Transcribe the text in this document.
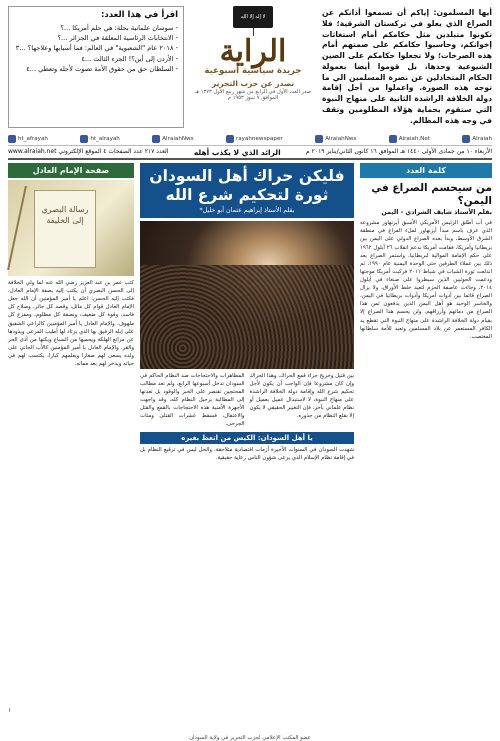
أيها المسلمون: إياكم أن تسمعوا أذانكم عن الصراع الذي يعلو في تركستان الشرقية؛ فلا تكونوا متبلدين مثل حكامكم أمام استغاثات إخوانكم، وحاسبوا حكامكم على صمتهم أمام هذه الصرخات؛ ولا تجعلوا حكامكم على الصين الشيوعية وحدها، بل قوموا أيضا بعمولة الحكام المتخاذلين عن نصرة المسلمين الي ما توجه هذه الصورة. واعملوا من أجل إقامة دولة الخلافة الراشدة الثانية على منهاج النبوة التي ستقوم بحماية هؤلاء المظلومين وتقف في وجه هذه المظالم.
لا إله إلا الله
الراية
جريدة سياسية أسبوعية
تصدر عن حزب التحرير
صدر العدد الأول في الرابع من شهر ربيع الأول ١٣٧٣ هـ الموافق ٧ تموز ١٩٥٣ م
اقرأ في هذا العدد:
- سوسان علمانية بحلة: هي حلم أمريكا ...؟
- الانتخابات الرئاسية المعلقة في الجزائر ...؟
- ٢٠١٨ عام "الشعبوية" في العالم: فما أسبابها وعلاجها؟ ...٣
- الأردن إلى أين؟! الجزء الثالث ...٤
- السلطان حق من حقوق الأمة تصوت لأجله وتعطي ...٤
ht_afrayah	ht_alrayah	AlraiahNws	rayahnewspaper	AlraiahNws	Alraiah.Net	Alraiah
الأربعاء ١٠ من جمادى الأولى ١٤٤٠ هـ الموافق ١٦ كانون الثاني/يناير ٢٠١٩ م
الرائد الذي لا يكذب أهله
العدد ٢١٧ عدد الصفحات ٤ الموقع الإلكتروني www.alraiah.net
كلمة العدد
من سيحسم الصراع في اليمن؟
بقلم الأستاذ شايف الشرادي - اليمن
في آب أطلق الرئيس الأمريكي الأسبق أيزنهاور مشروعه الذي عرف باسم مبدأ أيزنهاور لملء الفراغ في منطقة الشرق الأوسط، وبدأ بعده الصراع الدولي على اليمن بين بريطانيا وأمريكا، فقامت أمريكا بدعم انقلاب ٢٦ أيلول ١٩٦٢ على حكم الإمامة الموالية لبريطانيا، واستمر الصراع بعد ذلك بين عملاء الطرفين حتى الوحدة اليمنية عام ١٩٩٠، ثم اندلعت ثورة الشباب في شباط ٢٠١١ فركبت أمريكا موجتها ودعمت الحوثيين الذين سيطروا على صنعاء في أيلول ٢٠١٤، وجاءت عاصفة الحزم لتعيد خلط الأوراق، ولا يزال الصراع قائما بين أدوات أمريكا وأدوات بريطانيا في اليمن، والخاسر الوحيد هو أهل اليمن الذين يدفعون ثمن هذا الصراع من دمائهم وأرزاقهم، ولن يحسم هذا الصراع إلا بقيام دولة الخلافة الراشدة على منهاج النبوة التي تقطع يد الكافر المستعمر عن بلاد المسلمين وتعيد للأمة سلطانها المغتصب.
فليكن حراك أهل السودان ثورة لتحكيم شرع الله
بقلم الأستاذ إبراهيم عثمان أبو خليل*
بين قتيل وجريح جراء قمع الحراك، وهذا الحراك وإن كان مشروعا فإن الواجب أن يكون لأجل تحكيم شرع الله وإقامة دولة الخلافة الراشدة على منهاج النبوة، لا لاستبدال عميل بعميل أو نظام علماني بآخر، فإن التغيير الحقيقي لا يكون إلا بقلع النظام من جذوره.
المظاهرات والاحتجاجات ضد النظام الحاكم في السودان تدخل أسبوعها الرابع، ولم تعد مطالب المحتجين تقتصر على الخبز والوقود بل تعدتها إلى المطالبة برحيل النظام كله، وقد واجهت الأجهزة الأمنية هذه الاحتجاجات بالقمع والقتل والاعتقال، فسقط عشرات القتلى ومئات الجرحى.
يا أهل السودان: الكيس من اتعظ بغيره
شهدت السودان في السنوات الأخيرة أزمات اقتصادية متلاحقة، والحل ليس في ترقيع النظام بل في إقامة نظام الإسلام الذي يرعى شؤون الناس رعاية حقيقية.
صفحة الإمام العادل
رسالة البصري إلى الخليفة
كتب عمر بن عبد العزيز رضي الله عنه لما ولي الخلافة إلى الحسن البصري أن يكتب إليه بصفة الإمام العادل، فكتب إليه الحسن: اعلم يا أمير المؤمنين أن الله جعل الإمام العادل قوام كل مائل، وقصد كل جائر، وصلاح كل فاسد، وقوة كل ضعيف، ونصفة كل مظلوم، ومفزع كل ملهوف. والإمام العادل يا أمير المؤمنين كالراعي الشفيق على إبله الرفيق بها الذي يرتاد لها أطيب المرعى ويذودها عن مراتع الهلكة ويحميها من السباع ويكنها من أذى الحر والقر. والإمام العادل يا أمير المؤمنين كالأب الحاني على ولده يسعى لهم صغارا ويعلمهم كبارا، يكتسب لهم في حياته ويدخر لهم بعد مماته.
عضو المكتب الإعلامي لحزب التحرير في ولاية السودان
١
